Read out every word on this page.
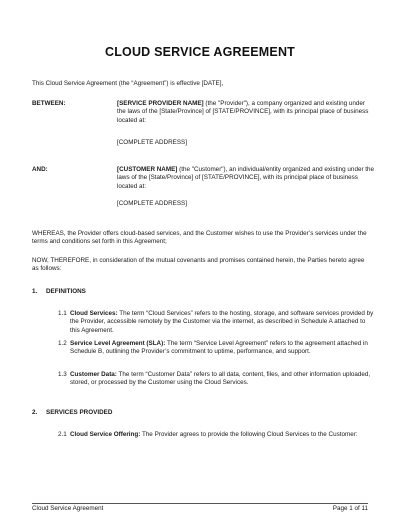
CLOUD SERVICE AGREEMENT
This Cloud Service Agreement (the “Agreement”) is effective [DATE],
BETWEEN:	[SERVICE PROVIDER NAME] (the "Provider"), a company organized and existing under the laws of the [State/Province] of [STATE/PROVINCE], with its principal place of business located at:
[COMPLETE ADDRESS]
AND:	[CUSTOMER NAME] (the "Customer"), an individual/entity organized and existing under the laws of the [State/Province] of [STATE/PROVINCE], with its principal place of business located at:
[COMPLETE ADDRESS]
WHEREAS, the Provider offers cloud-based services, and the Customer wishes to use the Provider’s services under the terms and conditions set forth in this Agreement;
NOW, THEREFORE, in consideration of the mutual covenants and promises contained herein, the Parties hereto agree as follows:
1. DEFINITIONS
1.1 Cloud Services: The term “Cloud Services” refers to the hosting, storage, and software services provided by the Provider, accessible remotely by the Customer via the internet, as described in Schedule A attached to this Agreement.
1.2 Service Level Agreement (SLA): The term “Service Level Agreement” refers to the agreement attached in Schedule B, outlining the Provider’s commitment to uptime, performance, and support.
1.3 Customer Data: The term “Customer Data” refers to all data, content, files, and other information uploaded, stored, or processed by the Customer using the Cloud Services.
2. SERVICES PROVIDED
2.1 Cloud Service Offering: The Provider agrees to provide the following Cloud Services to the Customer:
Cloud Service Agreement	Page 1 of 11
